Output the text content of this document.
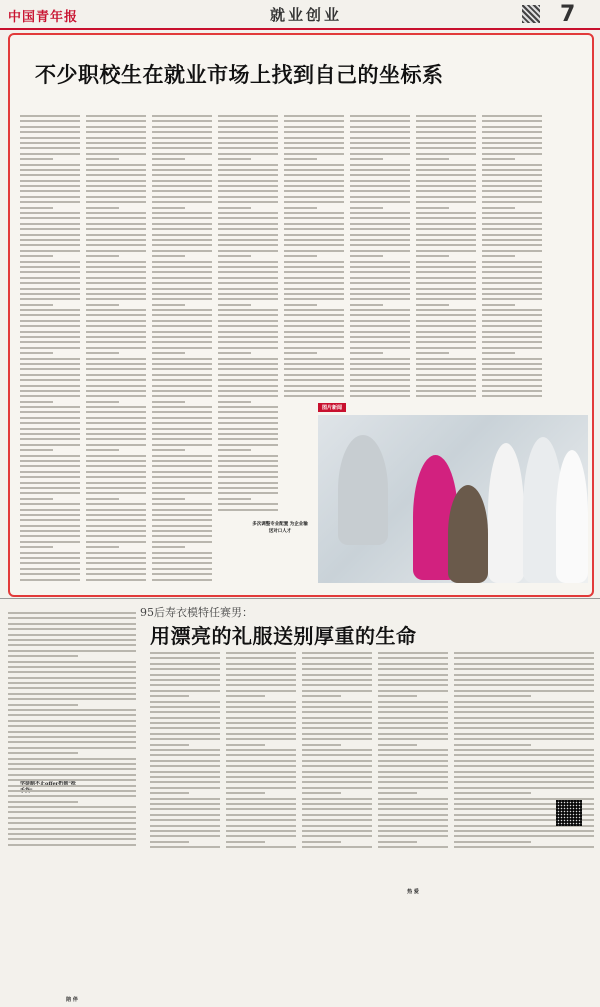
中国青年报	就业创业	7
不少职校生在就业市场上找到自己的坐标系
多次调整专业配置 为企业输送对口人才
图片新闻
95后寿衣模特任赛男：
用漂亮的礼服送别厚重的生命
陪 伴
热 爱
